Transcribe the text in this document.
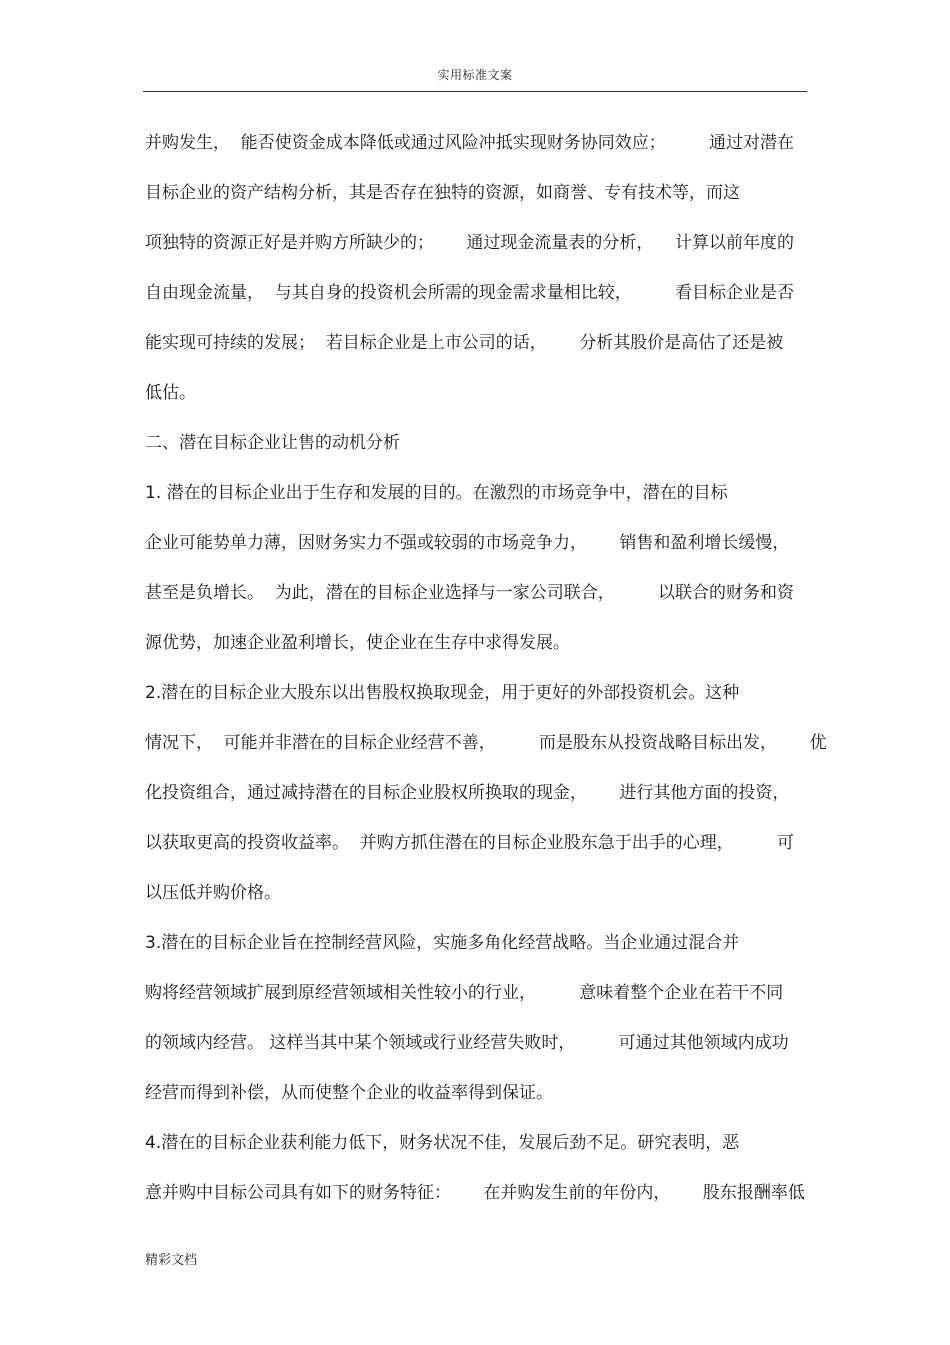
实用标准文案
并购发生，  能否使资金成本降低或通过风险冲抵实现财务协同效应；        通过对潜在
目标企业的资产结构分析，其是否存在独特的资源，如商誉、专有技术等，而这
项独特的资源正好是并购方所缺少的；      通过现金流量表的分析，    计算以前年度的
自由现金流量，  与其自身的投资机会所需的现金需求量相比较，        看目标企业是否
能实现可持续的发展；  若目标企业是上市公司的话，      分析其股价是高估了还是被
低估。
二、潜在目标企业让售的动机分析
1. 潜在的目标企业出于生存和发展的目的。在激烈的市场竞争中，潜在的目标
企业可能势单力薄，因财务实力不强或较弱的市场竞争力，      销售和盈利增长缓慢，
甚至是负增长。  为此，潜在的目标企业选择与一家公司联合，        以联合的财务和资
源优势，加速企业盈利增长，使企业在生存中求得发展。
2.潜在的目标企业大股东以出售股权换取现金，用于更好的外部投资机会。这种
情况下，  可能并非潜在的目标企业经营不善，        而是股东从投资战略目标出发，      优
化投资组合，通过减持潜在的目标企业股权所换取的现金，      进行其他方面的投资，
以获取更高的投资收益率。  并购方抓住潜在的目标企业股东急于出手的心理，        可
以压低并购价格。
3.潜在的目标企业旨在控制经营风险，实施多角化经营战略。当企业通过混合并
购将经营领域扩展到原经营领域相关性较小的行业，        意味着整个企业在若干不同
的领域内经营。 这样当其中某个领域或行业经营失败时，        可通过其他领域内成功
经营而得到补偿，从而使整个企业的收益率得到保证。
4.潜在的目标企业获利能力低下，财务状况不佳，发展后劲不足。研究表明，恶
意并购中目标公司具有如下的财务特征：      在并购发生前的年份内，      股东报酬率低
精彩文档
